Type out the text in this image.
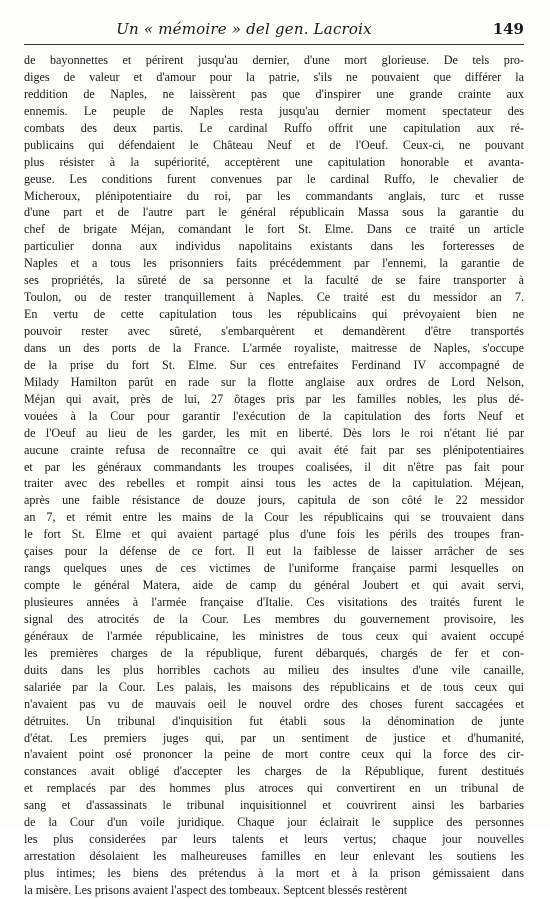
Un « mémoire » del gen. Lacroix	149
de bayonnettes et périrent jusqu'au dernier, d'une mort glorieuse. De tels pro-
diges de valeur et d'amour pour la patrie, s'ils ne pouvaient que différer la
reddition de Naples, ne laissèrent pas que d'inspirer une grande crainte aux
ennemis. Le peuple de Naples resta jusqu'au dernier moment spectateur des
combats des deux partis. Le cardinal Ruffo offrit une capitulation aux ré-
publicains qui défendaient le Château Neuf et de l'Oeuf. Ceux-ci, ne pouvant
plus résister à la supériorité, acceptèrent une capitulation honorable et avanta-
geuse. Les conditions furent convenues par le cardinal Ruffo, le chevalier de
Micheroux, plénipotentiaire du roi, par les commandants anglais, turc et russe
d'une part et de l'autre part le général républicain Massa sous la garantie du
chef de brigate Méjan, comandant le fort St. Elme. Dans ce traité un article
particulier donna aux individus napolitains existants dans les forteresses de
Naples et a tous les prisonniers faits précédemment par l'ennemi, la garantie de
ses propriétés, la sûreté de sa personne et la faculté de se faire transporter à
Toulon, ou de rester tranquillement à Naples. Ce traité est du messidor an 7.
En vertu de cette capitulation tous les républicains qui prévoyaient bien ne
pouvoir rester avec sûreté, s'embarquèrent et demandèrent d'être transportés
dans un des ports de la France. L'armée royaliste, maitresse de Naples, s'occupe
de la prise du fort St. Elme. Sur ces entrefaites Ferdinand IV accompagné de
Milady Hamilton parût en rade sur la flotte anglaise aux ordres de Lord Nelson,
Méjan qui avait, près de lui, 27 ôtages pris par les familles nobles, les plus dé-
vouées à la Cour pour garantir l'exécution de la capitulation des forts Neuf et
de l'Oeuf au lieu de les garder, les mit en liberté. Dès lors le roi n'étant lié par
aucune crainte refusa de reconnaître ce qui avait été fait par ses plénipotentiaires
et par les généraux commandants les troupes coalisées, il dit n'être pas fait pour
traiter avec des rebelles et rompit ainsi tous les actes de la capitulation. Méjean,
après une faible résistance de douze jours, capitula de son côté le 22 messidor
an 7, et rémit entre les mains de la Cour les républicains qui se trouvaient dans
le fort St. Elme et qui avaient partagé plus d'une fois les périls des troupes fran-
çaises pour la défense de ce fort. Il eut la faiblesse de laisser arrâcher de ses
rangs quelques unes de ces victimes de l'uniforme française parmi lesquelles on
compte le général Matera, aide de camp du général Joubert et qui avait servi,
plusieures années à l'armée française d'Italie. Ces visitations des traités furent le
signal des atrocités de la Cour. Les membres du gouvernement provisoire, les
généraux de l'armée républicaine, les ministres de tous ceux qui avaient occupé
les premières charges de la république, furent débarqués, chargés de fer et con-
duits dans les plus horribles cachots au milieu des insultes d'une vile canaille,
salariée par la Cour. Les palais, les maisons des républicains et de tous ceux qui
n'avaient pas vu de mauvais oeil le nouvel ordre des choses furent saccagées et
détruites. Un tribunal d'inquisition fut établi sous la dénomination de junte
d'état. Les premiers juges qui, par un sentiment de justice et d'humanité,
n'avaient point osé prononcer la peine de mort contre ceux qui la force des cir-
constances avait obligé d'accepter les charges de la République, furent destitués
et remplacés par des hommes plus atroces qui convertirent en un tribunal de
sang et d'assassinats le tribunal inquisitionnel et couvrirent ainsi les barbaries
de la Cour d'un voile juridique. Chaque jour éclairait le supplice des personnes
les plus considerées par leurs talents et leurs vertus; chaque jour nouvelles
arrestation désolaient les malheureuses familles en leur enlevant les soutiens les
plus intimes; les biens des prétendus à la mort et à la prison gémissaient dans
la misère. Les prisons avaient l'aspect des tombeaux. Septcent blessés restèrent
